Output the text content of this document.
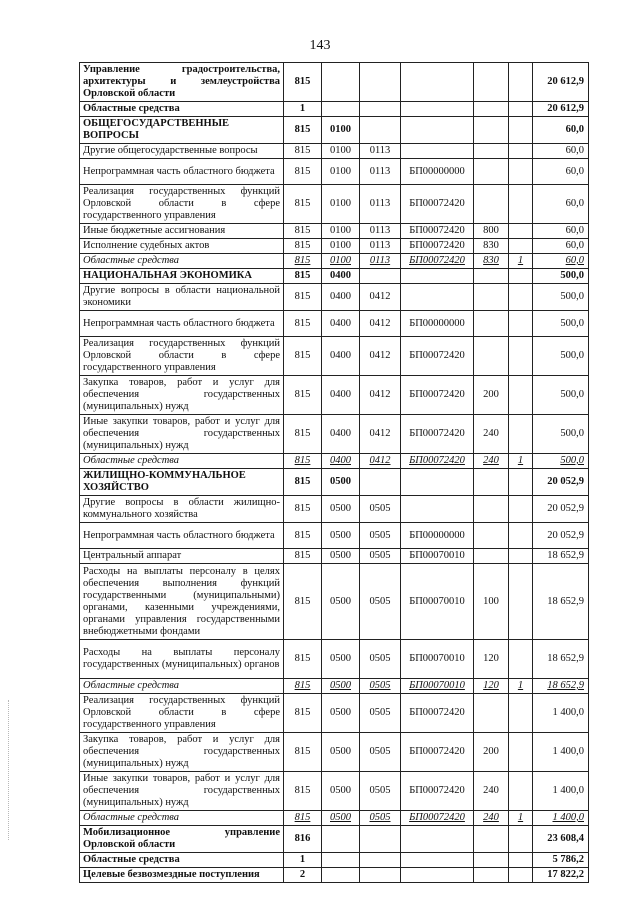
143
Управление градостроительства, архитектуры и землеустройства Орловской области	815						20 612,9
Областные средства	1						20 612,9
ОБЩЕГОСУДАРСТВЕННЫЕ ВОПРОСЫ	815	0100					60,0
Другие общегосударственные вопросы	815	0100	0113				60,0
Непрограммная часть областного бюджета	815	0100	0113	БП00000000			60,0
Реализация государственных функций Орловской области в сфере государственного управления	815	0100	0113	БП00072420			60,0
Иные бюджетные ассигнования	815	0100	0113	БП00072420	800		60,0
Исполнение судебных актов	815	0100	0113	БП00072420	830		60,0
Областные средства	815	0100	0113	БП00072420	830	1	60,0
НАЦИОНАЛЬНАЯ ЭКОНОМИКА	815	0400					500,0
Другие вопросы в области национальной экономики	815	0400	0412				500,0
Непрограммная часть областного бюджета	815	0400	0412	БП00000000			500,0
Реализация государственных функций Орловской области в сфере государственного управления	815	0400	0412	БП00072420			500,0
Закупка товаров, работ и услуг для обеспечения государственных (муниципальных) нужд	815	0400	0412	БП00072420	200		500,0
Иные закупки товаров, работ и услуг для обеспечения государственных (муниципальных) нужд	815	0400	0412	БП00072420	240		500,0
Областные средства	815	0400	0412	БП00072420	240	1	500,0
ЖИЛИЩНО-КОММУНАЛЬНОЕ ХОЗЯЙСТВО	815	0500					20 052,9
Другие вопросы в области жилищно-коммунального хозяйства	815	0500	0505				20 052,9
Непрограммная часть областного бюджета	815	0500	0505	БП00000000			20 052,9
Центральный аппарат	815	0500	0505	БП00070010			18 652,9
Расходы на выплаты персоналу в целях обеспечения выполнения функций государственными (муниципальными) органами, казенными учреждениями, органами управления государственными внебюджетными фондами	815	0500	0505	БП00070010	100		18 652,9
Расходы на выплаты персоналу государственных (муниципальных) органов	815	0500	0505	БП00070010	120		18 652,9
Областные средства	815	0500	0505	БП00070010	120	1	18 652,9
Реализация государственных функций Орловской области в сфере государственного управления	815	0500	0505	БП00072420			1 400,0
Закупка товаров, работ и услуг для обеспечения государственных (муниципальных) нужд	815	0500	0505	БП00072420	200		1 400,0
Иные закупки товаров, работ и услуг для обеспечения государственных (муниципальных) нужд	815	0500	0505	БП00072420	240		1 400,0
Областные средства	815	0500	0505	БП00072420	240	1	1 400,0
Мобилизационное управление Орловской области	816						23 608,4
Областные средства	1						5 786,2
Целевые безвозмездные поступления	2						17 822,2
